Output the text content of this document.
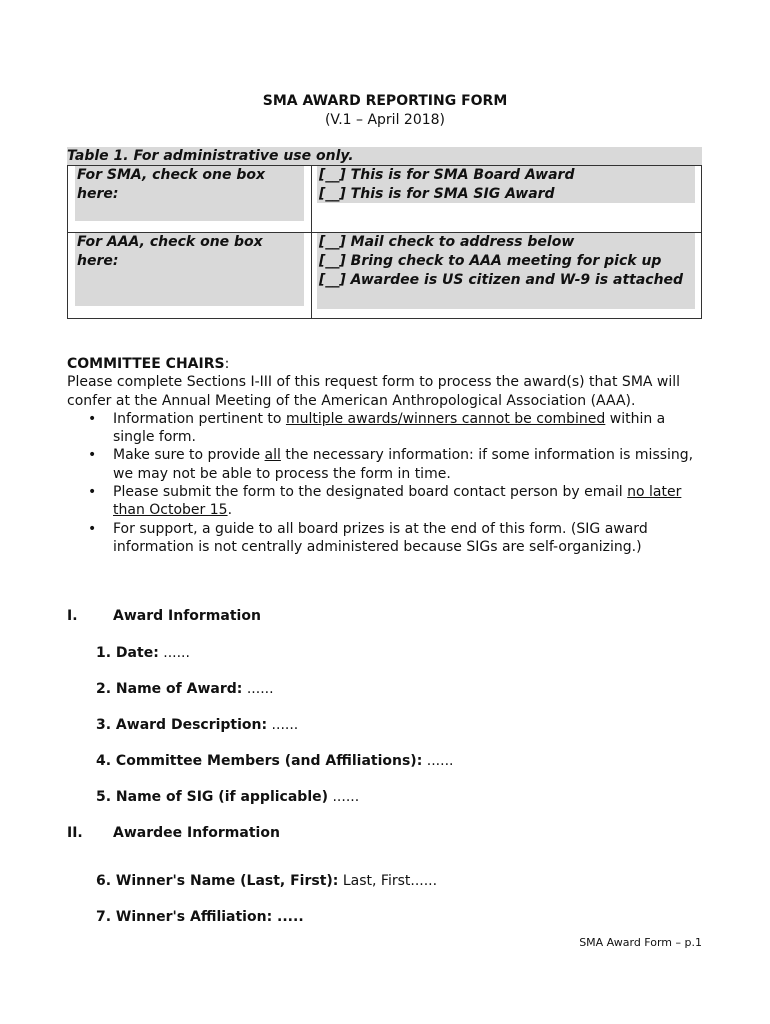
SMA AWARD REPORTING FORM
(V.1 – April 2018)
Table 1. For administrative use only.
For SMA, check one box here:
[__] This is for SMA Board Award
[__] This is for SMA SIG Award
For AAA, check one box here:
[__] Mail check to address below
[__] Bring check to AAA meeting for pick up
[__] Awardee is US citizen and W-9 is attached
COMMITTEE CHAIRS:
Please complete Sections I-III of this request form to process the award(s) that SMA will confer at the Annual Meeting of the American Anthropological Association (AAA).
• Information pertinent to multiple awards/winners cannot be combined within a single form.
• Make sure to provide all the necessary information: if some information is missing, we may not be able to process the form in time.
• Please submit the form to the designated board contact person by email no later than October 15.
• For support, a guide to all board prizes is at the end of this form. (SIG award information is not centrally administered because SIGs are self-organizing.)
I.	Award Information
1. Date: ......
2. Name of Award: ......
3. Award Description: ......
4. Committee Members (and Affiliations): ......
5. Name of SIG (if applicable) ......
II. Awardee Information
6. Winner's Name (Last, First): Last, First......
7. Winner's Affiliation: .....
SMA Award Form – p.1
